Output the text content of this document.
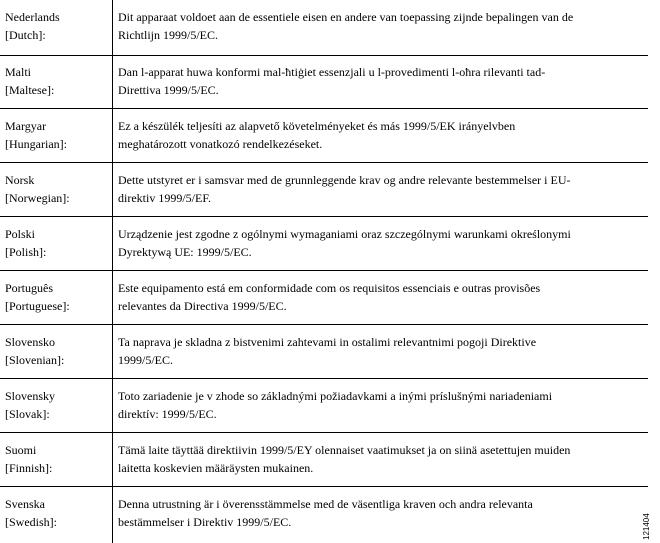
Nederlands
[Dutch]:
Dit apparaat voldoet aan de essentiele eisen en andere van toepassing zijnde bepalingen van de
Richtlijn 1999/5/EC.
Malti
[Maltese]:
Dan l-apparat huwa konformi mal-ħtiġiet essenzjali u l-provedimenti l-oħra rilevanti tad-
Direttiva 1999/5/EC.
Margyar
[Hungarian]:
Ez a készülék teljesíti az alapvető követelményeket és más 1999/5/EK irányelvben
meghatározott vonatkozó rendelkezéseket.
Norsk
[Norwegian]:
Dette utstyret er i samsvar med de grunnleggende krav og andre relevante bestemmelser i EU-
direktiv 1999/5/EF.
Polski
[Polish]:
Urządzenie jest zgodne z ogólnymi wymaganiami oraz szczególnymi warunkami określonymi
Dyrektywą UE: 1999/5/EC.
Português
[Portuguese]:
Este equipamento está em conformidade com os requisitos essenciais e outras provisões
relevantes da Directiva 1999/5/EC.
Slovensko
[Slovenian]:
Ta naprava je skladna z bistvenimi zahtevami in ostalimi relevantnimi pogoji Direktive
1999/5/EC.
Slovensky
[Slovak]:
Toto zariadenie je v zhode so základnými požiadavkami a inými príslušnými nariadeniami
direktív: 1999/5/EC.
Suomi
[Finnish]:
Tämä laite täyttää direktiivin 1999/5/EY olennaiset vaatimukset ja on siinä asetettujen muiden
laitetta koskevien määräysten mukainen.
Svenska
[Swedish]:
Denna utrustning är i överensstämmelse med de väsentliga kraven och andra relevanta
bestämmelser i Direktiv 1999/5/EC.	121404
